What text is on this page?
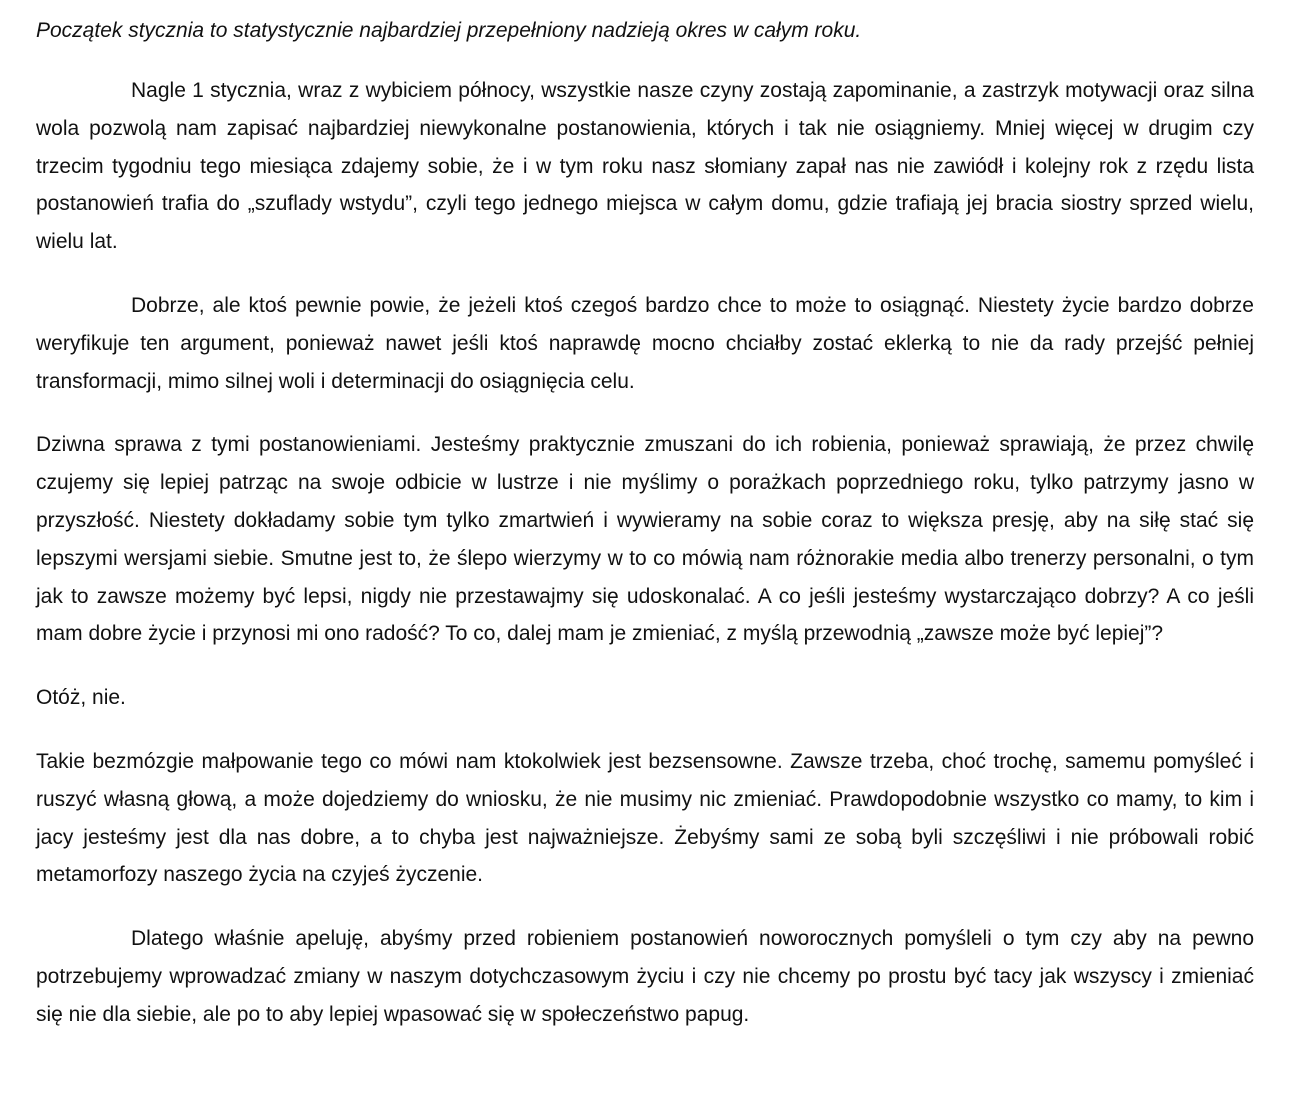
Początek stycznia to statystycznie najbardziej przepełniony nadzieją okres w całym roku.

Nagle 1 stycznia, wraz z wybiciem północy, wszystkie nasze czyny zostają zapominanie, a zastrzyk motywacji oraz silna wola pozwolą nam zapisać najbardziej niewykonalne postanowienia, których i tak nie osiągniemy. Mniej więcej w drugim czy trzecim tygodniu tego miesiąca zdajemy sobie, że i w tym roku nasz słomiany zapał nas nie zawiódł i kolejny rok z rzędu lista postanowień trafia do „szuflady wstydu”, czyli tego jednego miejsca w całym domu, gdzie trafiają jej bracia siostry sprzed wielu, wielu lat.

Dobrze, ale ktoś pewnie powie, że jeżeli ktoś czegoś bardzo chce to może to osiągnąć. Niestety życie bardzo dobrze weryfikuje ten argument, ponieważ nawet jeśli ktoś naprawdę mocno chciałby zostać eklerką to nie da rady przejść pełniej transformacji, mimo silnej woli i determinacji do osiągnięcia celu.

Dziwna sprawa z tymi postanowieniami. Jesteśmy praktycznie zmuszani do ich robienia, ponieważ sprawiają, że przez chwilę czujemy się lepiej patrząc na swoje odbicie w lustrze i nie myślimy o porażkach poprzedniego roku, tylko patrzymy jasno w przyszłość. Niestety dokładamy sobie tym tylko zmartwień i wywieramy na sobie coraz to większa presję, aby na siłę stać się lepszymi wersjami siebie. Smutne jest to, że ślepo wierzymy w to co mówią nam różnorakie media albo trenerzy personalni, o tym jak to zawsze możemy być lepsi, nigdy nie przestawajmy się udoskonalać. A co jeśli jesteśmy wystarczająco dobrzy? A co jeśli mam dobre życie i przynosi mi ono radość? To co, dalej mam je zmieniać, z myślą przewodnią „zawsze może być lepiej”?

Otóż, nie.

Takie bezmózgie małpowanie tego co mówi nam ktokolwiek jest bezsensowne. Zawsze trzeba, choć trochę, samemu pomyśleć i ruszyć własną głową, a może dojedziemy do wniosku, że nie musimy nic zmieniać. Prawdopodobnie wszystko co mamy, to kim i jacy jesteśmy jest dla nas dobre, a to chyba jest najważniejsze. Żebyśmy sami ze sobą byli szczęśliwi i nie próbowali robić metamorfozy naszego życia na czyjeś życzenie.

Dlatego właśnie apeluję, abyśmy przed robieniem postanowień noworocznych pomyśleli o tym czy aby na pewno potrzebujemy wprowadzać zmiany w naszym dotychczasowym życiu i czy nie chcemy po prostu być tacy jak wszyscy i zmieniać się nie dla siebie, ale po to aby lepiej wpasować się w społeczeństwo papug.
